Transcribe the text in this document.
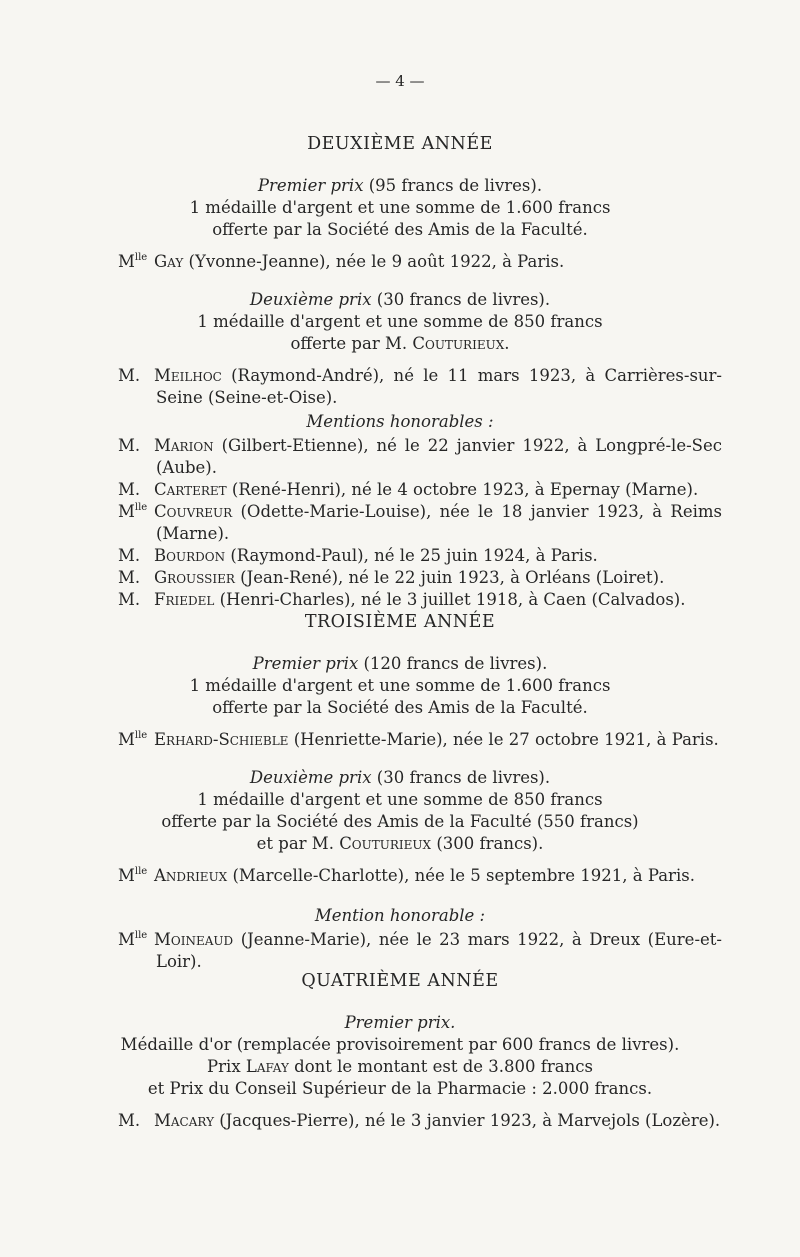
— 4 —
DEUXIÈME ANNÉE
Premier prix (95 francs de livres).
1 médaille d'argent et une somme de 1.600 francs
offerte par la Société des Amis de la Faculté.
$M^{lle}$ Gay (Yvonne-Jeanne), née le 9 août 1922, à Paris.
Deuxième prix (30 francs de livres).
1 médaille d'argent et une somme de 850 francs
offerte par M. Couturieux.
M. Meilhoc (Raymond-André), né le 11 mars 1923, à Carrières-sur-Seine (Seine-et-Oise).
Mentions honorables :
M. Marion (Gilbert-Etienne), né le 22 janvier 1922, à Longpré-le-Sec (Aube).
M. Carteret (René-Henri), né le 4 octobre 1923, à Epernay (Marne).
$M^{lle}$ Couvreur (Odette-Marie-Louise), née le 18 janvier 1923, à Reims (Marne).
M. Bourdon (Raymond-Paul), né le 25 juin 1924, à Paris.
M. Groussier (Jean-René), né le 22 juin 1923, à Orléans (Loiret).
M. Friedel (Henri-Charles), né le 3 juillet 1918, à Caen (Calvados).
TROISIÈME ANNÉE
Premier prix (120 francs de livres).
1 médaille d'argent et une somme de 1.600 francs
offerte par la Société des Amis de la Faculté.
$M^{lle}$ Erhard-Schieble (Henriette-Marie), née le 27 octobre 1921, à Paris.
Deuxième prix (30 francs de livres).
1 médaille d'argent et une somme de 850 francs
offerte par la Société des Amis de la Faculté (550 francs)
et par M. Couturieux (300 francs).
$M^{lle}$ Andrieux (Marcelle-Charlotte), née le 5 septembre 1921, à Paris.
Mention honorable :
$M^{lle}$ Moineaud (Jeanne-Marie), née le 23 mars 1922, à Dreux (Eure-et-Loir).
QUATRIÈME ANNÉE
Premier prix.
Médaille d'or (remplacée provisoirement par 600 francs de livres).
Prix Lafay dont le montant est de 3.800 francs
et Prix du Conseil Supérieur de la Pharmacie : 2.000 francs.
M. Macary (Jacques-Pierre), né le 3 janvier 1923, à Marvejols (Lozère).
